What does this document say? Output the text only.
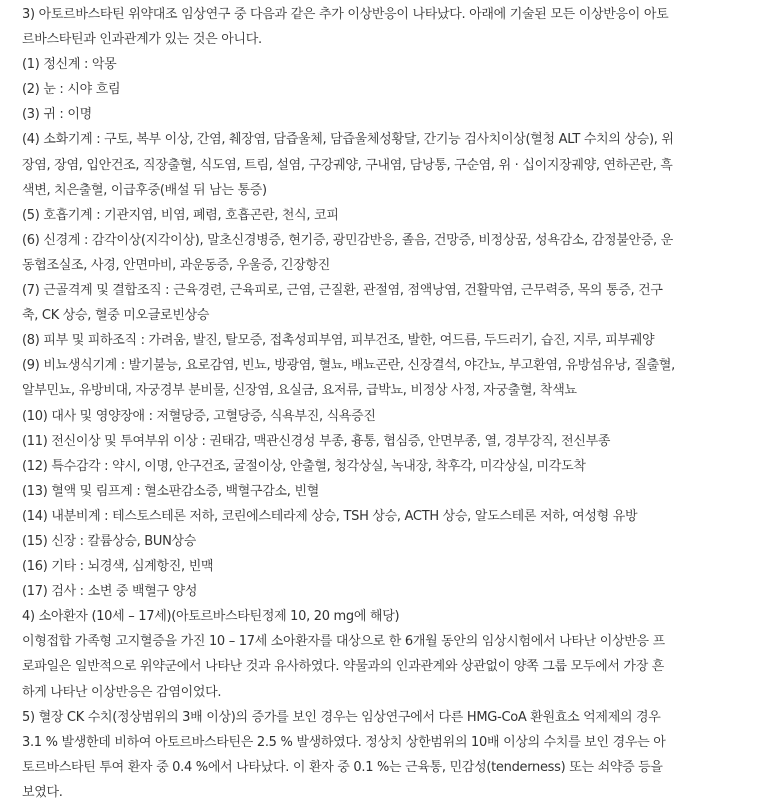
3) 아토르바스타틴 위약대조 임상연구 중 다음과 같은 추가 이상반응이 나타났다. 아래에 기술된 모든 이상반응이 아토

르바스타틴과 인과관계가 있는 것은 아니다.

(1) 정신계 : 악몽

(2) 눈 : 시야 흐림

(3) 귀 : 이명

(4) 소화기계 : 구토, 복부 이상, 간염, 췌장염, 담즙울체, 담즙울체성황달, 간기능 검사치이상(혈청 ALT 수치의 상승), 위

장염, 장염, 입안건조, 직장출혈, 식도염, 트림, 설염, 구강궤양, 구내염, 담낭통, 구순염, 위 · 십이지장궤양, 연하곤란, 흑

색변, 치은출혈, 이급후중(배설 뒤 남는 통증)

(5) 호흡기계 : 기관지염, 비염, 폐렴, 호흡곤란, 천식, 코피

(6) 신경계 : 감각이상(지각이상), 말초신경병증, 현기증, 광민감반응, 졸음, 건망증, 비정상꿈, 성욕감소, 감정불안증, 운

동협조실조, 사경, 안면마비, 과운동증, 우울증, 긴장항진

(7) 근골격계 및 결합조직 : 근육경련, 근육피로, 근염, 근질환, 관절염, 점액낭염, 건활막염, 근무력증, 목의 통증, 건구

축, CK 상승, 혈중 미오글로빈상승

(8) 피부 및 피하조직 : 가려움, 발진, 탈모증, 접촉성피부염, 피부건조, 발한, 여드름, 두드러기, 습진, 지루, 피부궤양

(9) 비뇨생식기계 : 발기불능, 요로감염, 빈뇨, 방광염, 혈뇨, 배뇨곤란, 신장결석, 야간뇨, 부고환염, 유방섬유낭, 질출혈,

알부민뇨, 유방비대, 자궁경부 분비물, 신장염, 요실금, 요저류, 급박뇨, 비정상 사정, 자궁출혈, 착색뇨

(10) 대사 및 영양장애 : 저혈당증, 고혈당증, 식욕부진, 식욕증진

(11) 전신이상 및 투여부위 이상 : 권태감, 맥관신경성 부종, 흉통, 협심증, 안면부종, 열, 경부강직, 전신부종

(12) 특수감각 : 약시, 이명, 안구건조, 굴절이상, 안출혈, 청각상실, 녹내장, 착후각, 미각상실, 미각도착

(13) 혈액 및 림프계 : 혈소판감소증, 백혈구감소, 빈혈

(14) 내분비계 : 테스토스테론 저하, 코린에스테라제 상승, TSH 상승, ACTH 상승, 알도스테론 저하, 여성형 유방

(15) 신장 : 칼륨상승, BUN상승

(16) 기타 : 뇌경색, 심계항진, 빈맥

(17) 검사 : 소변 중 백혈구 양성

4) 소아환자 (10세 – 17세)(아토르바스타틴정제 10, 20 mg에 해당)

이형접합 가족형 고지혈증을 가진 10 – 17세 소아환자를 대상으로 한 6개월 동안의 임상시험에서 나타난 이상반응 프

로파일은 일반적으로 위약군에서 나타난 것과 유사하였다. 약물과의 인과관계와 상관없이 양쪽 그룹 모두에서 가장 흔

하게 나타난 이상반응은 감염이었다.

5) 혈장 CK 수치(정상범위의 3배 이상)의 증가를 보인 경우는 임상연구에서 다른 HMG-CoA 환원효소 억제제의 경우

3.1 % 발생한데 비하여 아토르바스타틴은 2.5 % 발생하였다. 정상치 상한범위의 10배 이상의 수치를 보인 경우는 아

토르바스타틴 투여 환자 중 0.4 %에서 나타났다. 이 환자 중 0.1 %는 근육통, 민감성(tenderness) 또는 쇠약증 등을

보였다.
